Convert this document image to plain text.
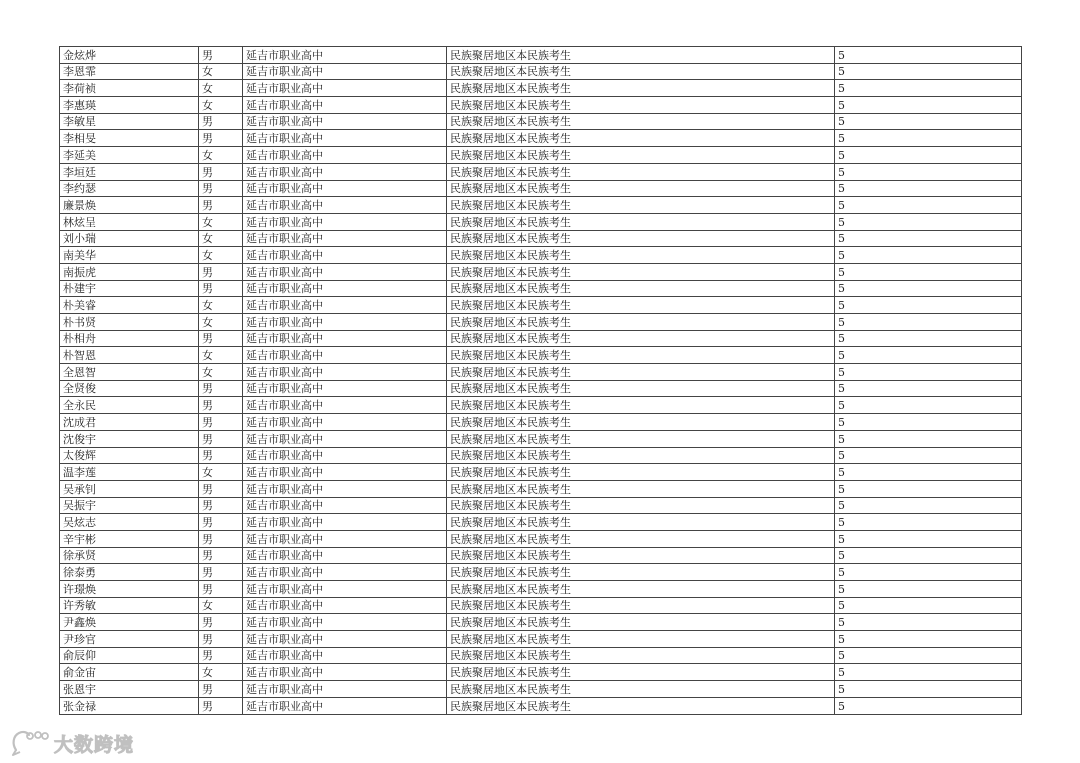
金炫烨	男	延吉市职业高中	民族聚居地区本民族考生	5
李恩霏	女	延吉市职业高中	民族聚居地区本民族考生	5
李荷祯	女	延吉市职业高中	民族聚居地区本民族考生	5
李惠瑛	女	延吉市职业高中	民族聚居地区本民族考生	5
李敏星	男	延吉市职业高中	民族聚居地区本民族考生	5
李相旻	男	延吉市职业高中	民族聚居地区本民族考生	5
李延美	女	延吉市职业高中	民族聚居地区本民族考生	5
李垣廷	男	延吉市职业高中	民族聚居地区本民族考生	5
李约瑟	男	延吉市职业高中	民族聚居地区本民族考生	5
廉景焕	男	延吉市职业高中	民族聚居地区本民族考生	5
林炫呈	女	延吉市职业高中	民族聚居地区本民族考生	5
刘小瑞	女	延吉市职业高中	民族聚居地区本民族考生	5
南美华	女	延吉市职业高中	民族聚居地区本民族考生	5
南振虎	男	延吉市职业高中	民族聚居地区本民族考生	5
朴建宇	男	延吉市职业高中	民族聚居地区本民族考生	5
朴美睿	女	延吉市职业高中	民族聚居地区本民族考生	5
朴书贤	女	延吉市职业高中	民族聚居地区本民族考生	5
朴相舟	男	延吉市职业高中	民族聚居地区本民族考生	5
朴智恩	女	延吉市职业高中	民族聚居地区本民族考生	5
全恩智	女	延吉市职业高中	民族聚居地区本民族考生	5
全贤俊	男	延吉市职业高中	民族聚居地区本民族考生	5
全永民	男	延吉市职业高中	民族聚居地区本民族考生	5
沈成君	男	延吉市职业高中	民族聚居地区本民族考生	5
沈俊宇	男	延吉市职业高中	民族聚居地区本民族考生	5
太俊辉	男	延吉市职业高中	民族聚居地区本民族考生	5
温李莲	女	延吉市职业高中	民族聚居地区本民族考生	5
吴承钊	男	延吉市职业高中	民族聚居地区本民族考生	5
吴振宇	男	延吉市职业高中	民族聚居地区本民族考生	5
吴炫志	男	延吉市职业高中	民族聚居地区本民族考生	5
辛宇彬	男	延吉市职业高中	民族聚居地区本民族考生	5
徐承贤	男	延吉市职业高中	民族聚居地区本民族考生	5
徐泰勇	男	延吉市职业高中	民族聚居地区本民族考生	5
许璟焕	男	延吉市职业高中	民族聚居地区本民族考生	5
许秀敏	女	延吉市职业高中	民族聚居地区本民族考生	5
尹鑫焕	男	延吉市职业高中	民族聚居地区本民族考生	5
尹珍官	男	延吉市职业高中	民族聚居地区本民族考生	5
俞辰仰	男	延吉市职业高中	民族聚居地区本民族考生	5
俞金宙	女	延吉市职业高中	民族聚居地区本民族考生	5
张恩宇	男	延吉市职业高中	民族聚居地区本民族考生	5
张金禄	男	延吉市职业高中	民族聚居地区本民族考生	5
大数跨境
